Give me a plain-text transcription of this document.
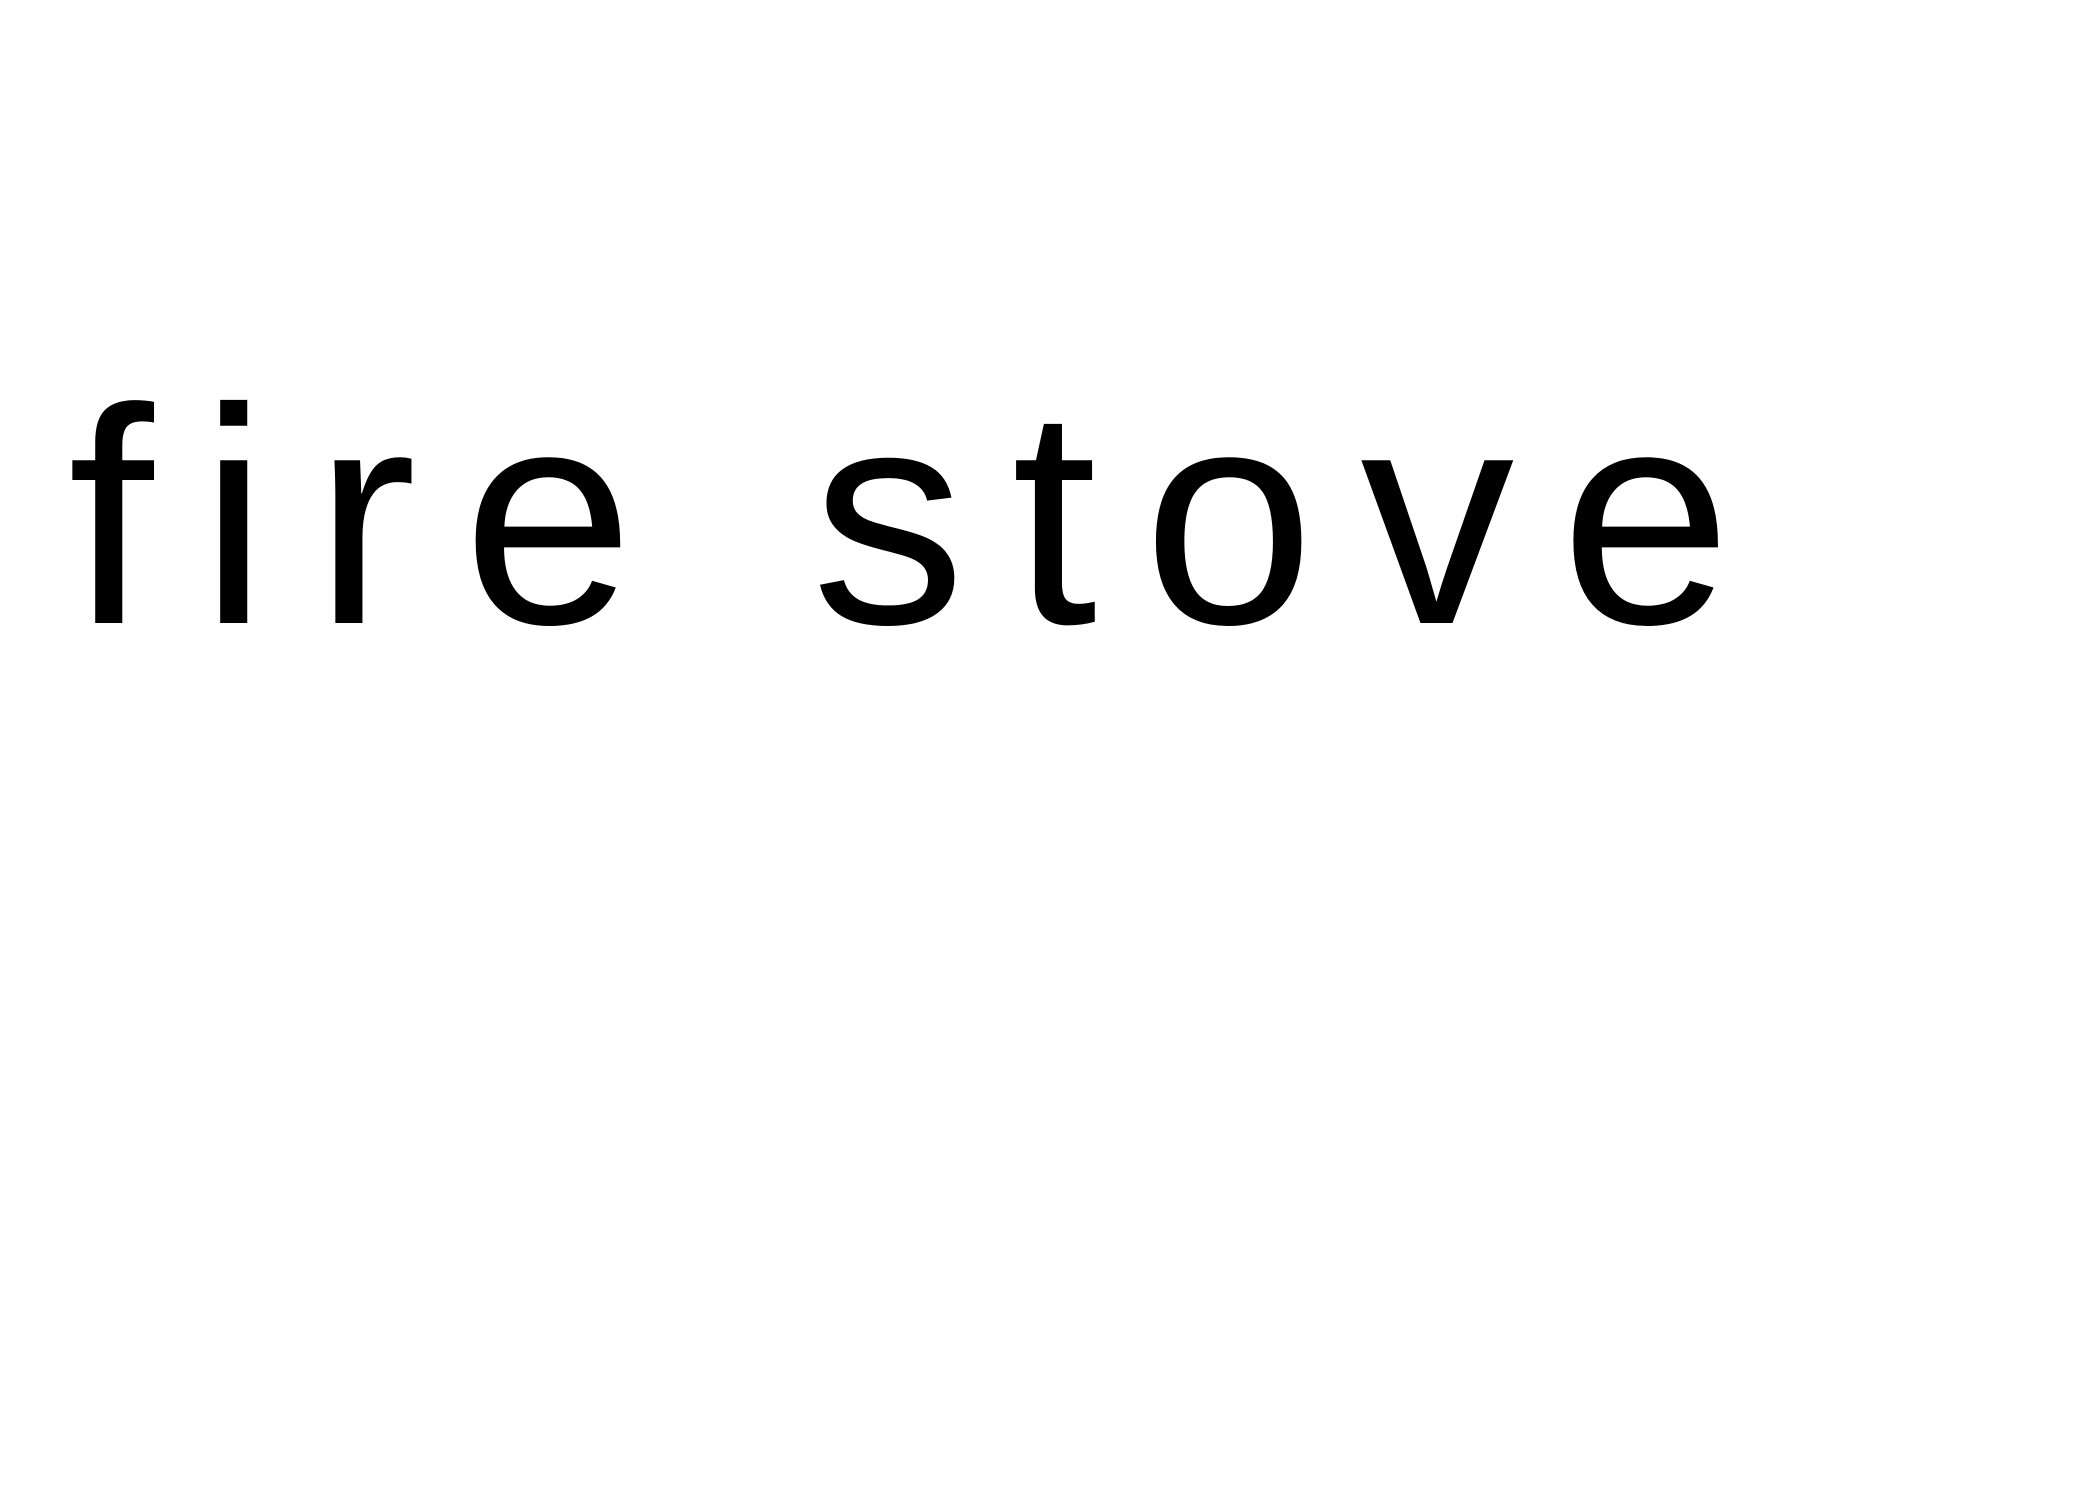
fire stove
